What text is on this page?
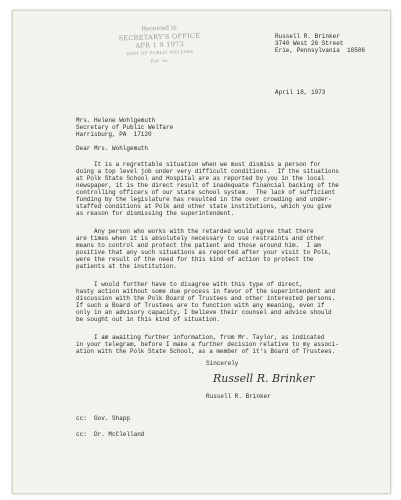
Received in
SECRETARY'S OFFICE
APR 1 9 1973
DEPT OF PUBLIC WELFARE
Ref. no.
Russell R. Brinker
3740 West 26 Street
Erie, Pennsylvania  16506
April 18, 1973
Mrs. Helene Wohlgemuth
Secretary of Public Welfare
Harrisburg, PA  17120
Dear Mrs. Wohlgemuth
It is a regrettable situation when we must dismiss a person for
doing a top level job under very difficult conditions.  If the situations
at Polk State School and Hospital are as reported by you in the local
newspaper, it is the direct result of inadequate financial backing of the
controlling officers of our state school system.  The lack of sufficient
funding by the legislature has resulted in the over crowding and under-
staffed conditions at Polk and other state institutions, which you give
as reason for dismissing the superintendent.
Any person who works with the retarded would agree that there
are times when it is absolutely necessary to use restraints and other
means to control and protect the patient and those around him.  I am
positive that any such situations as reported after your visit to Polk,
were the result of the need for this kind of action to protect the
patients at the institution.
I would further have to disagree with this type of direct,
hasty action without some due process in favor of the superintendent and
discussion with the Polk Board of Trustees and other interested persons.
If such a Board of Trustees are to function with any meaning, even if
only in an advisory capacity, I believe their counsel and advice should
be sought out in this kind of situation.
I am awaiting further information, from Mr. Taylor, as indicated
in your telegram, before I make a further decision relative to my associ-
ation with the Polk State School, as a member of it's Board of Trustees.
Sincerely
Russell R. Brinker
Russell R. Brinker
cc:  Gov. Shapp
cc:  Dr. McClelland
